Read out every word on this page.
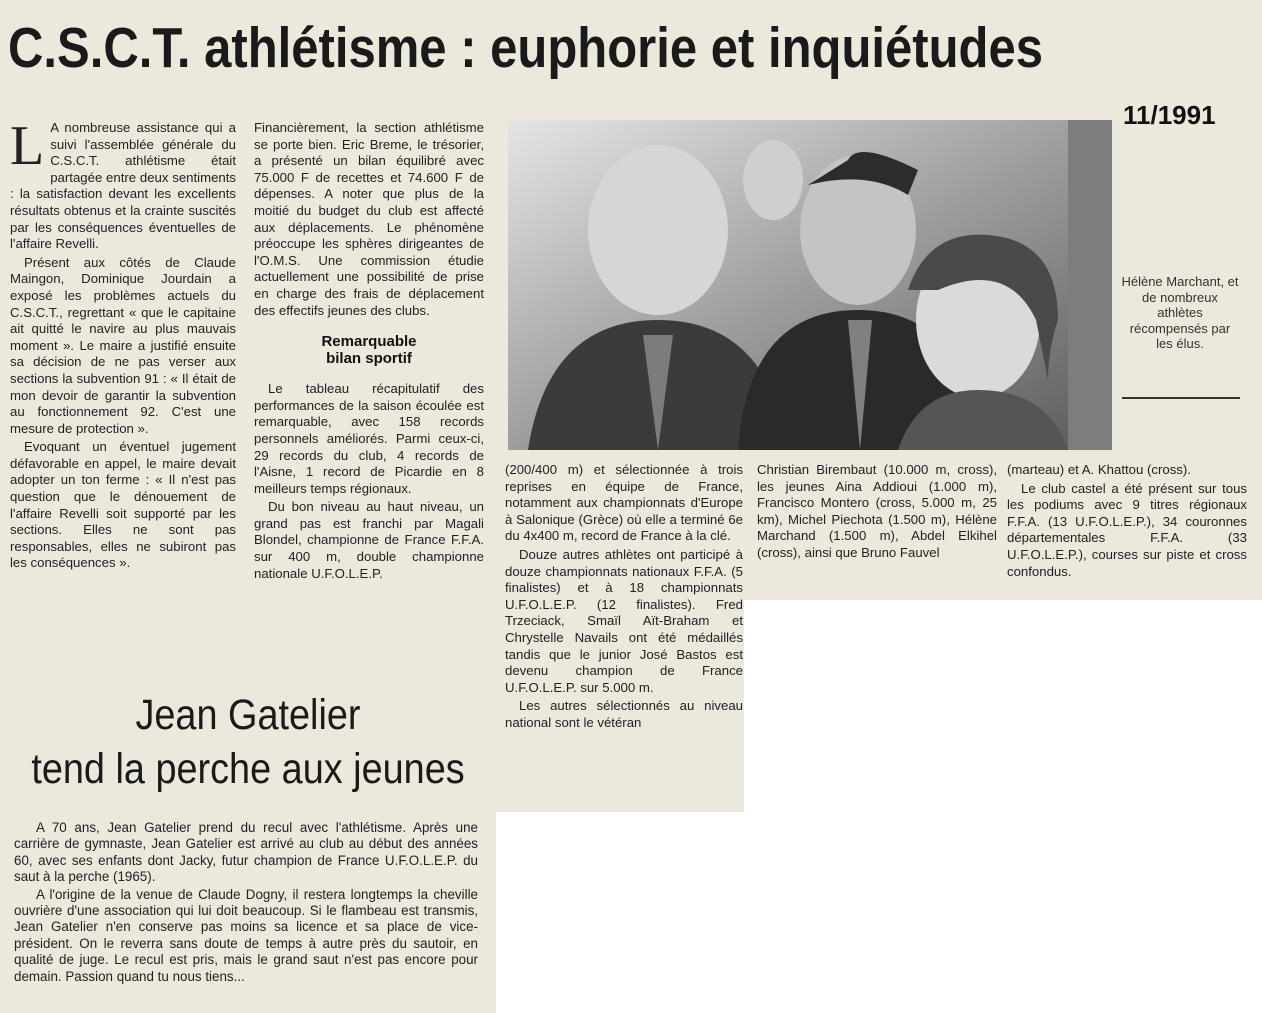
C.S.C.T. athlétisme : euphorie et inquiétudes
11/1991

L A nombreuse assistance qui a suivi l'assemblée générale du C.S.C.T. athlétisme était partagée entre deux sentiments : la satisfaction devant les excellents résultats obtenus et la crainte suscités par les conséquences éventuelles de l'affaire Revelli.

Présent aux côtés de Claude Maingon, Dominique Jourdain a exposé les problèmes actuels du C.S.C.T., regrettant « que le capitaine ait quitté le navire au plus mauvais moment ». Le maire a justifié ensuite sa décision de ne pas verser aux sections la subvention 91 : « Il était de mon devoir de garantir la subvention au fonctionnement 92. C'est une mesure de protection ».

Evoquant un éventuel jugement défavorable en appel, le maire devait adopter un ton ferme : « Il n'est pas question que le dénouement de l'affaire Revelli soit supporté par les sections. Elles ne sont pas responsables, elles ne subiront pas les conséquences ».

Financièrement, la section athlétisme se porte bien. Eric Breme, le trésorier, a présenté un bilan équilibré avec 75.000 F de recettes et 74.600 F de dépenses. A noter que plus de la moitié du budget du club est affecté aux déplacements. Le phénomène préoccupe les sphères dirigeantes de l'O.M.S. Une commission étudie actuellement une possibilité de prise en charge des frais de déplacement des effectifs jeunes des clubs.

Remarquable
bilan sportif

Le tableau récapitulatif des performances de la saison écoulée est remarquable, avec 158 records personnels améliorés. Parmi ceux-ci, 29 records du club, 4 records de l'Aisne, 1 record de Picardie en 8 meilleurs temps régionaux.

Du bon niveau au haut niveau, un grand pas est franchi par Magali Blondel, championne de France F.F.A. sur 400 m, double championne nationale U.F.O.L.E.P.

Hélène Marchant, et de nombreux athlètes récompensés par les élus.

(200/400 m) et sélectionnée à trois reprises en équipe de France, notamment aux championnats d'Europe à Salonique (Grèce) où elle a terminé 6e du 4x400 m, record de France à la clé.

Douze autres athlètes ont participé à douze championnats nationaux F.F.A. (5 finalistes) et à 18 championnats U.F.O.L.E.P. (12 finalistes). Fred Trzeciack, Smaïl Aït-Braham et Chrystelle Navails ont été médaillés tandis que le junior José Bastos est devenu champion de France U.F.O.L.E.P. sur 5.000 m.

Les autres sélectionnés au niveau national sont le vétéran

Christian Birembaut (10.000 m, cross), les jeunes Aina Addioui (1.000 m), Francisco Montero (cross, 5.000 m, 25 km), Michel Piechota (1.500 m), Hélène Marchand (1.500 m), Abdel Elkihel (cross), ainsi que Bruno Fauvel

(marteau) et A. Khattou (cross).

Le club castel a été présent sur tous les podiums avec 9 titres régionaux F.F.A. (13 U.F.O.L.E.P.), 34 couronnes départementales F.F.A. (33 U.F.O.L.E.P.), courses sur piste et cross confondus.

Jean Gatelier
tend la perche aux jeunes

A 70 ans, Jean Gatelier prend du recul avec l'athlétisme. Après une carrière de gymnaste, Jean Gatelier est arrivé au club au début des années 60, avec ses enfants dont Jacky, futur champion de France U.F.O.L.E.P. du saut à la perche (1965).

A l'origine de la venue de Claude Dogny, il restera longtemps la cheville ouvrière d'une association qui lui doit beaucoup. Si le flambeau est transmis, Jean Gatelier n'en conserve pas moins sa licence et sa place de vice-président. On le reverra sans doute de temps à autre près du sautoir, en qualité de juge. Le recul est pris, mais le grand saut n'est pas encore pour demain. Passion quand tu nous tiens...
